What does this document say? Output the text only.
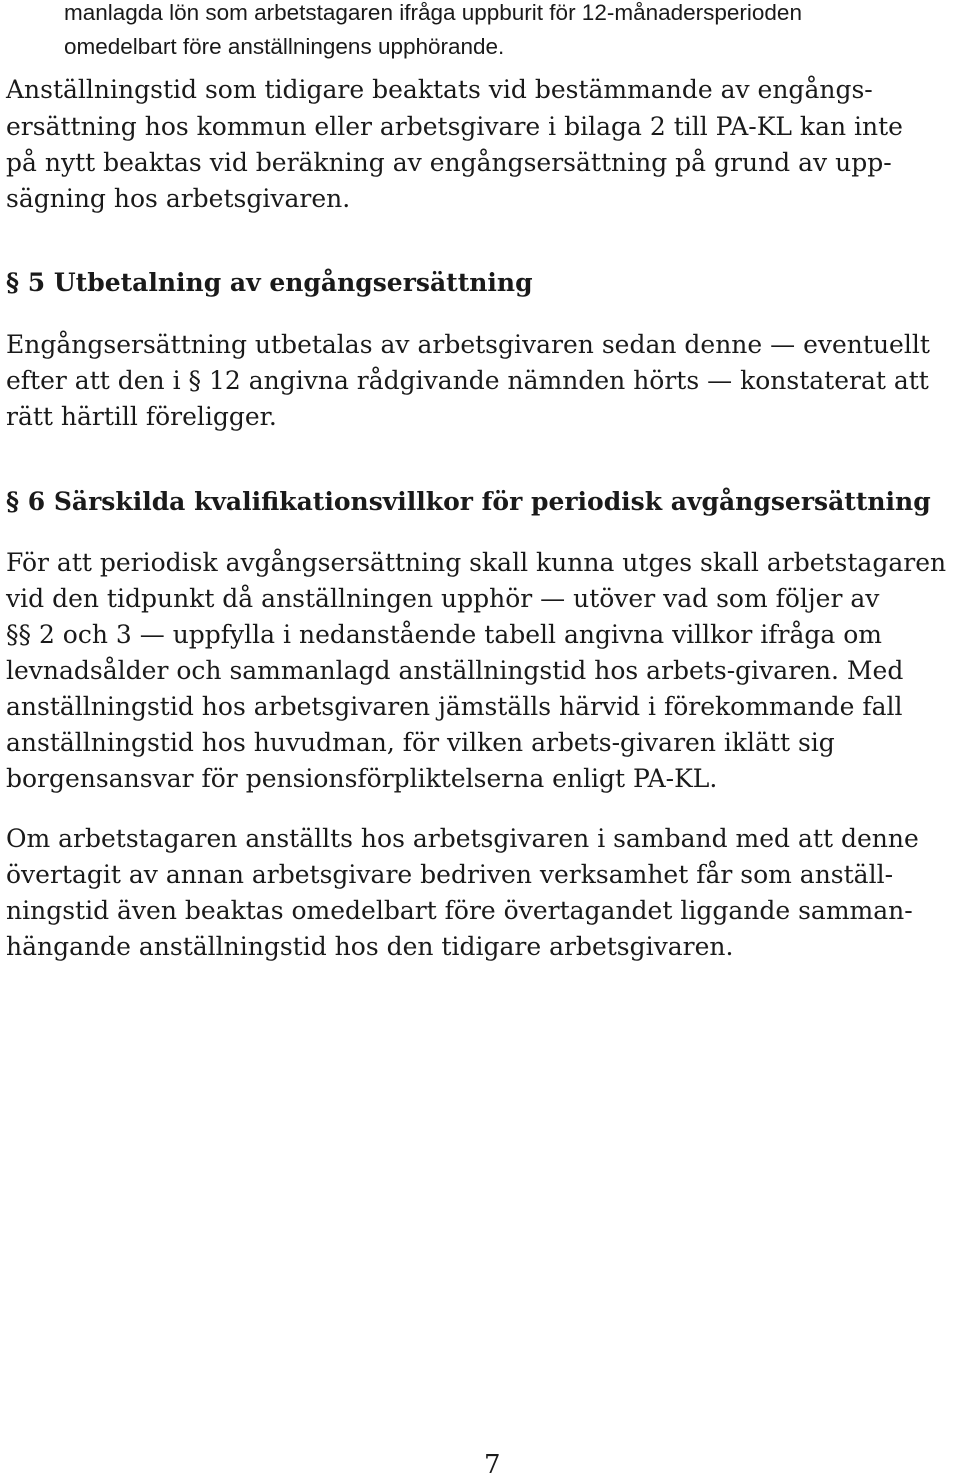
manlagda lön som arbetstagaren ifråga uppburit för 12-månadersperioden

omedelbart före anställningens upphörande.

Anställningstid som tidigare beaktats vid bestämmande av engångs-

ersättning hos kommun eller arbetsgivare i bilaga 2 till PA-KL kan inte

på nytt beaktas vid beräkning av engångsersättning på grund av upp-

sägning hos arbetsgivaren.

§ 5 Utbetalning av engångsersättning

Engångsersättning utbetalas av arbetsgivaren sedan denne — eventuellt

efter att den i § 12 angivna rådgivande nämnden hörts — konstaterat att

rätt härtill föreligger.

§ 6 Särskilda kvalifikationsvillkor för periodisk avgångsersättning

För att periodisk avgångsersättning skall kunna utges skall arbetstagaren

vid den tidpunkt då anställningen upphör — utöver vad som följer av

§§ 2 och 3 — uppfylla i nedanstående tabell angivna villkor ifråga om

levnadsålder och sammanlagd anställningstid hos arbets-givaren. Med

anställningstid hos arbetsgivaren jämställs härvid i förekommande fall

anställningstid hos huvudman, för vilken arbets-givaren iklätt sig

borgensansvar för pensionsförpliktelserna enligt PA-KL.

Om arbetstagaren anställts hos arbetsgivaren i samband med att denne

övertagit av annan arbetsgivare bedriven verksamhet får som anställ-

ningstid även beaktas omedelbart före övertagandet liggande samman-

hängande anställningstid hos den tidigare arbetsgivaren.

7
